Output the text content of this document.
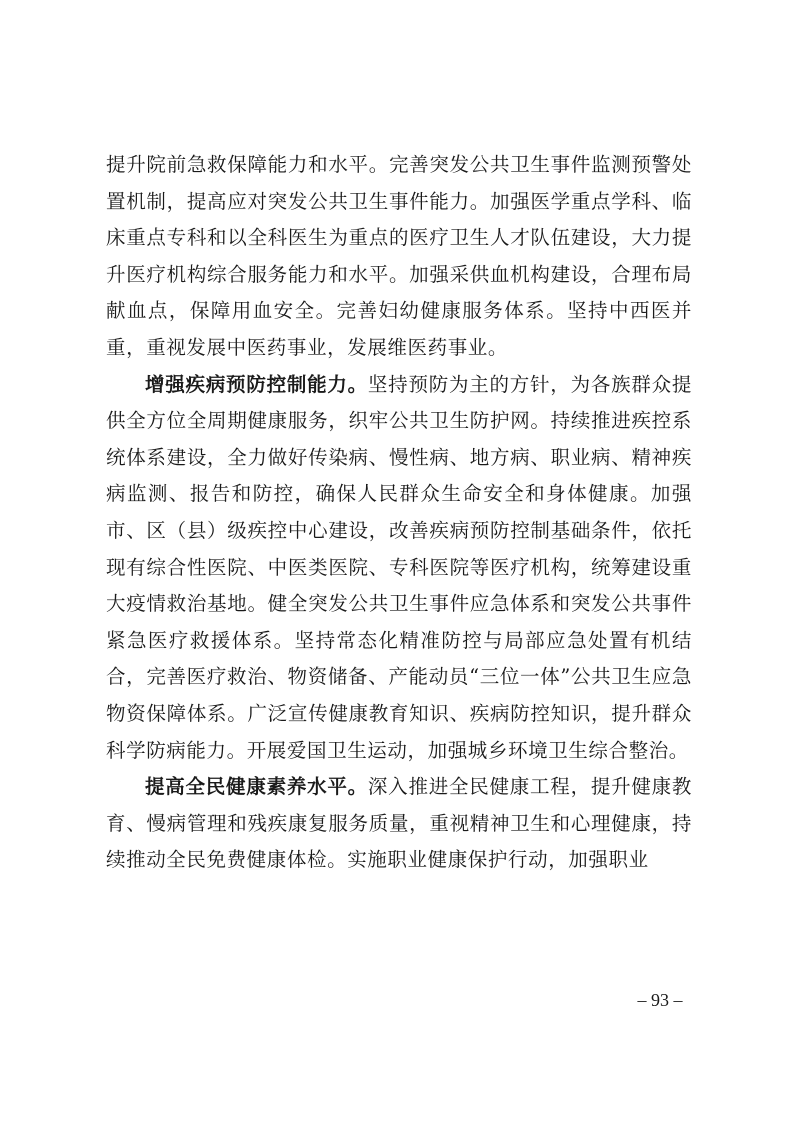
提升院前急救保障能力和水平。完善突发公共卫生事件监测预警处置机制，提高应对突发公共卫生事件能力。加强医学重点学科、临床重点专科和以全科医生为重点的医疗卫生人才队伍建设，大力提升医疗机构综合服务能力和水平。加强采供血机构建设，合理布局献血点，保障用血安全。完善妇幼健康服务体系。坚持中西医并重，重视发展中医药事业，发展维医药事业。

增强疾病预防控制能力。坚持预防为主的方针，为各族群众提供全方位全周期健康服务，织牢公共卫生防护网。持续推进疾控系统体系建设，全力做好传染病、慢性病、地方病、职业病、精神疾病监测、报告和防控，确保人民群众生命安全和身体健康。加强市、区（县）级疾控中心建设，改善疾病预防控制基础条件，依托现有综合性医院、中医类医院、专科医院等医疗机构，统筹建设重大疫情救治基地。健全突发公共卫生事件应急体系和突发公共事件紧急医疗救援体系。坚持常态化精准防控与局部应急处置有机结合，完善医疗救治、物资储备、产能动员“三位一体”公共卫生应急物资保障体系。广泛宣传健康教育知识、疾病防控知识，提升群众科学防病能力。开展爱国卫生运动，加强城乡环境卫生综合整治。

提高全民健康素养水平。深入推进全民健康工程，提升健康教育、慢病管理和残疾康复服务质量，重视精神卫生和心理健康，持续推动全民免费健康体检。实施职业健康保护行动，加强职业

– 93 –
